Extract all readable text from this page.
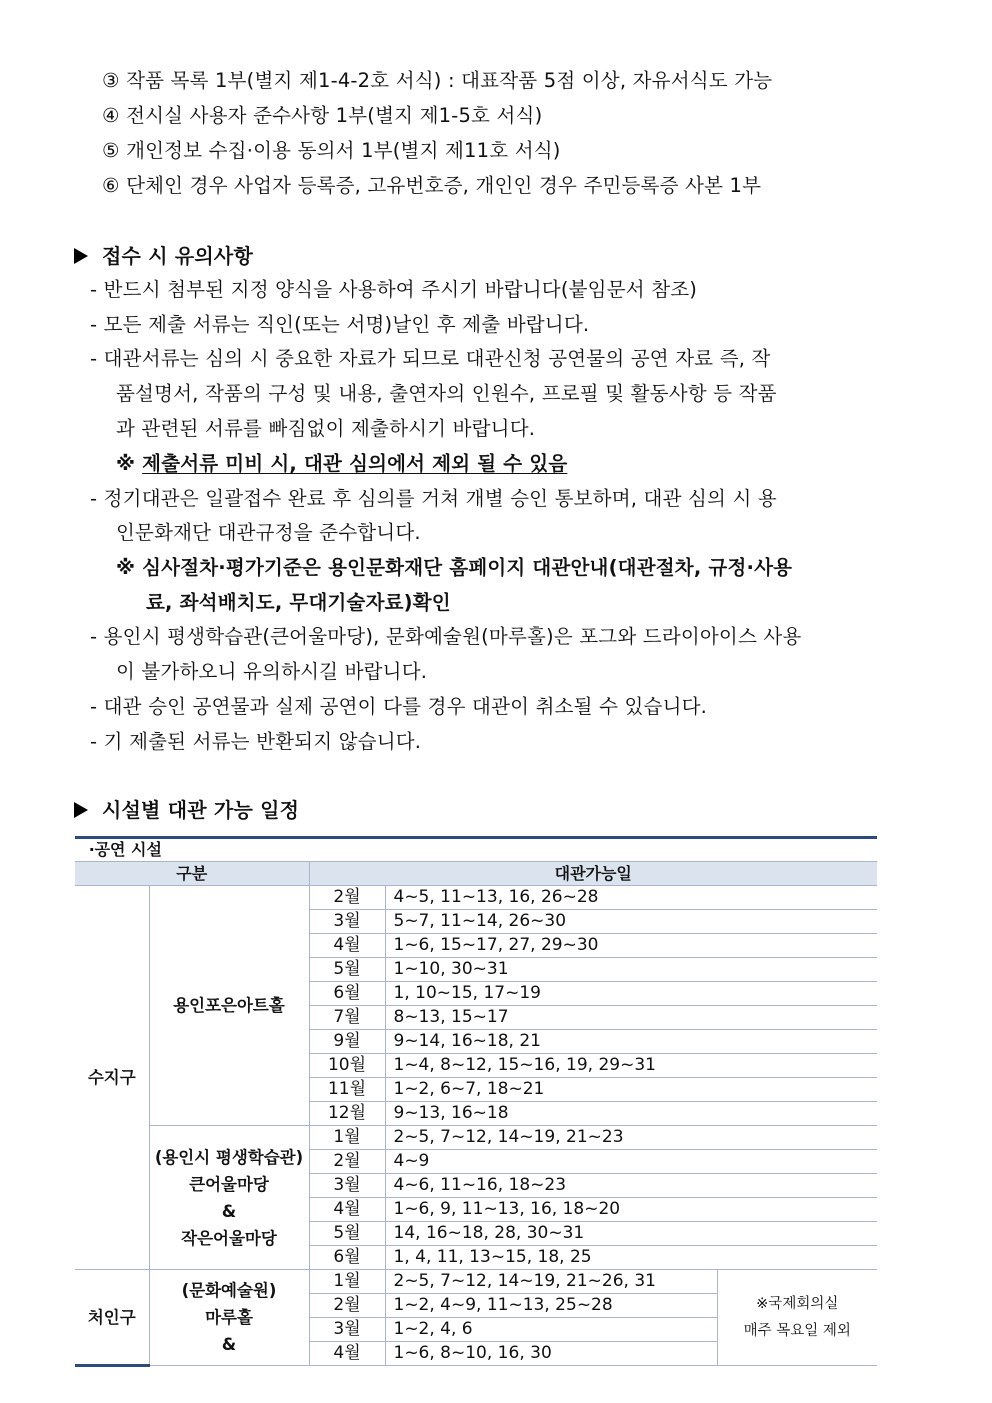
③ 작품 목록 1부(별지 제1-4-2호 서식) : 대표작품 5점 이상, 자유서식도 가능
④ 전시실 사용자 준수사항 1부(별지 제1-5호 서식)
⑤ 개인정보 수집·이용 동의서 1부(별지 제11호 서식)
⑥ 단체인 경우 사업자 등록증, 고유번호증, 개인인 경우 주민등록증 사본 1부
접수 시 유의사항
- 반드시 첨부된 지정 양식을 사용하여 주시기 바랍니다(붙임문서 참조)
- 모든 제출 서류는 직인(또는 서명)날인 후 제출 바랍니다.
- 대관서류는 심의 시 중요한 자료가 되므로 대관신청 공연물의 공연 자료 즉, 작
품설명서, 작품의 구성 및 내용, 출연자의 인원수, 프로필 및 활동사항 등 작품
과 관련된 서류를 빠짐없이 제출하시기 바랍니다.
※ 제출서류 미비 시, 대관 심의에서 제외 될 수 있음
- 정기대관은 일괄접수 완료 후 심의를 거쳐 개별 승인 통보하며, 대관 심의 시 용
인문화재단 대관규정을 준수합니다.
※ 심사절차·평가기준은 용인문화재단 홈페이지 대관안내(대관절차, 규정·사용
료, 좌석배치도, 무대기술자료)확인
- 용인시 평생학습관(큰어울마당), 문화예술원(마루홀)은 포그와 드라이아이스 사용
이 불가하오니 유의하시길 바랍니다.
- 대관 승인 공연물과 실제 공연이 다를 경우 대관이 취소될 수 있습니다.
- 기 제출된 서류는 반환되지 않습니다.
시설별 대관 가능 일정
‧공연 시설				
구분		대관가능일		
수지구	용인포은아트홀	2월	4~5, 11~13, 16, 26~28	
		3월	5~7, 11~14, 26~30	
		4월	1~6, 15~17, 27, 29~30	
		5월	1~10, 30~31	
		6월	1, 10~15, 17~19	
		7월	8~13, 15~17	
		9월	9~14, 16~18, 21	
		10월	1~4, 8~12, 15~16, 19, 29~31	
		11월	1~2, 6~7, 18~21	
		12월	9~13, 16~18	

	(용인시 평생학습관)
큰어울마당
&
작은어울마당	1월	2~5, 7~12, 14~19, 21~23	
		2월	4~9	
		3월	4~6, 11~16, 18~23	
		4월	1~6, 9, 11~13, 16, 18~20	
		5월	14, 16~18, 28, 30~31	
		6월	1, 4, 11, 13~15, 18, 25	
처인구	(문화예술원)
마루홀
&	1월	2~5, 7~12, 14~19, 21~26, 31	※국제회의실
매주 목요일 제외

		2월	1~2, 4~9, 11~13, 25~28	
		3월	1~2, 4, 6	
		4월	1~6, 8~10, 16, 30	
